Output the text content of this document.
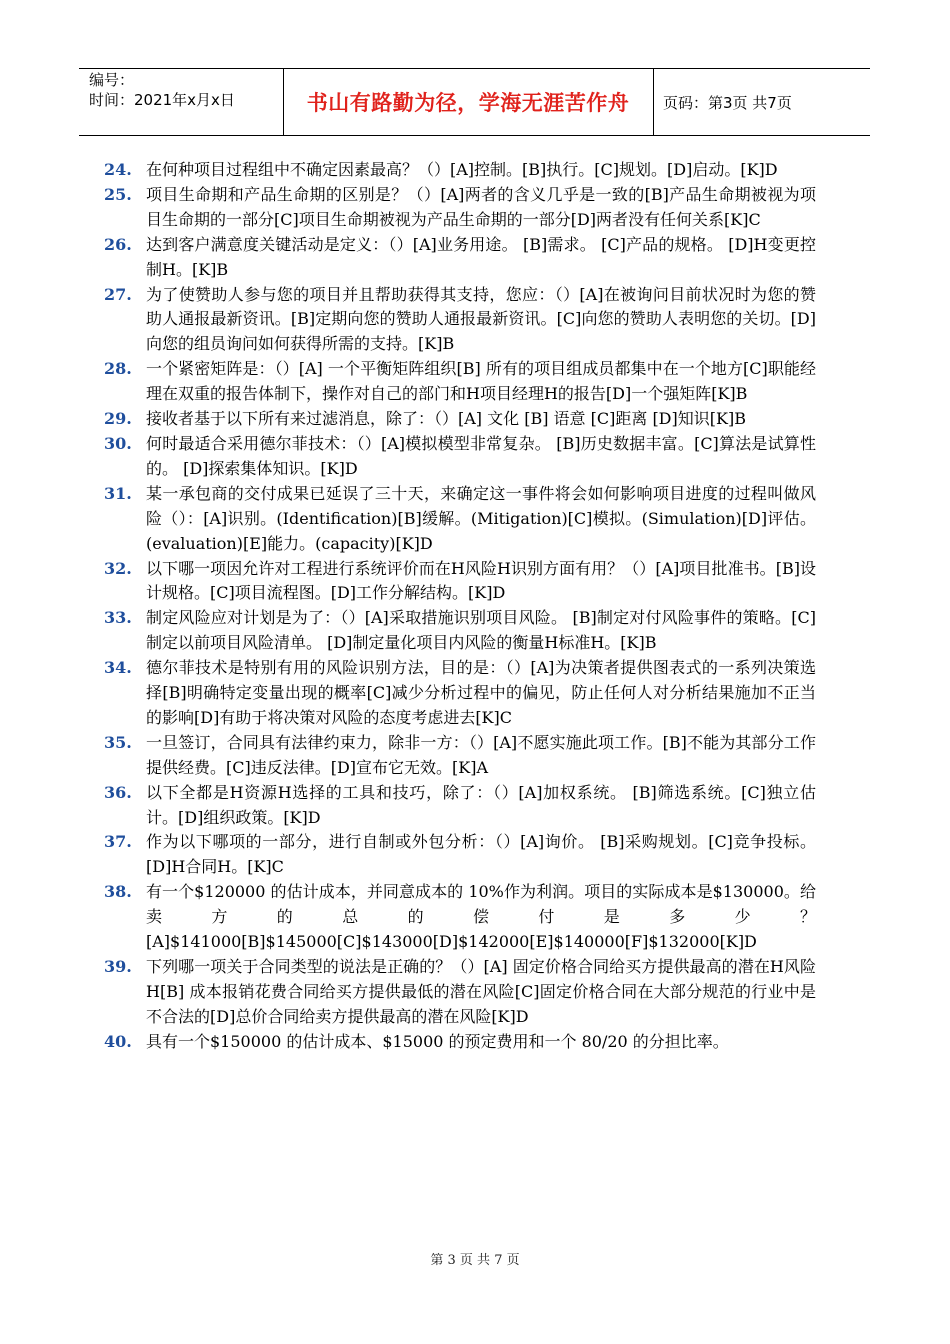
编号：
时间：2021年x月x日	书山有路勤为径，学海无涯苦作舟	页码：第3页 共7页
24. 在何种项目过程组中不确定因素最高？（）[A]控制。[B]执行。[C]规划。[D]启动。[K]D
25. 项目生命期和产品生命期的区别是？（）[A]两者的含义几乎是一致的[B]产品生命期被视为项目生命期的一部分[C]项目生命期被视为产品生命期的一部分[D]两者没有任何关系[K]C
26. 达到客户满意度关键活动是定义：（）[A]业务用途。 [B]需求。 [C]产品的规格。 [D]H变更控制H。[K]B
27. 为了使赞助人参与您的项目并且帮助获得其支持，您应：（）[A]在被询问目前状况时为您的赞助人通报最新资讯。[B]定期向您的赞助人通报最新资讯。[C]向您的赞助人表明您的关切。[D]向您的组员询问如何获得所需的支持。[K]B
28. 一个紧密矩阵是：（）[A] 一个平衡矩阵组织[B] 所有的项目组成员都集中在一个地方[C]职能经理在双重的报告体制下，操作对自己的部门和H项目经理H的报告[D]一个强矩阵[K]B
29. 接收者基于以下所有来过滤消息，除了：（）[A] 文化 [B] 语意 [C]距离 [D]知识[K]B
30. 何时最适合采用德尔菲技术：（）[A]模拟模型非常复杂。 [B]历史数据丰富。[C]算法是试算性的。 [D]探索集体知识。[K]D
31. 某一承包商的交付成果已延误了三十天，来确定这一事件将会如何影响项目进度的过程叫做风险（）：[A]识别。(Identification)[B]缓解。(Mitigation)[C]模拟。(Simulation)[D]评估。(evaluation)[E]能力。(capacity)[K]D
32. 以下哪一项因允许对工程进行系统评价而在H风险H识别方面有用？（）[A]项目批准书。[B]设计规格。[C]项目流程图。[D]工作分解结构。[K]D
33. 制定风险应对计划是为了：（）[A]采取措施识别项目风险。 [B]制定对付风险事件的策略。[C]制定以前项目风险清单。 [D]制定量化项目内风险的衡量H标准H。[K]B
34. 德尔菲技术是特别有用的风险识别方法，目的是：（）[A]为决策者提供图表式的一系列决策选择[B]明确特定变量出现的概率[C]减少分析过程中的偏见，防止任何人对分析结果施加不正当的影响[D]有助于将决策对风险的态度考虑进去[K]C
35. 一旦签订，合同具有法律约束力，除非一方：（）[A]不愿实施此项工作。[B]不能为其部分工作提供经费。[C]违反法律。[D]宣布它无效。[K]A
36. 以下全都是H资源H选择的工具和技巧，除了：（）[A]加权系统。 [B]筛选系统。[C]独立估计。[D]组织政策。[K]D
37. 作为以下哪项的一部分，进行自制或外包分析：（）[A]询价。 [B]采购规划。[C]竞争投标。[D]H合同H。[K]C
38. 有一个$120000 的估计成本，并同意成本的 10%作为利润。项目的实际成本是$130000。给卖方的总的偿付是多少？[A]$141000[B]$145000[C]$143000[D]$142000[E]$140000[F]$132000[K]D
39. 下列哪一项关于合同类型的说法是正确的？（）[A] 固定价格合同给买方提供最高的潜在H风险H[B] 成本报销花费合同给买方提供最低的潜在风险[C]固定价格合同在大部分规范的行业中是不合法的[D]总价合同给卖方提供最高的潜在风险[K]D
40. 具有一个$150000 的估计成本、$15000 的预定费用和一个 80/20 的分担比率。
第 3 页 共 7 页
